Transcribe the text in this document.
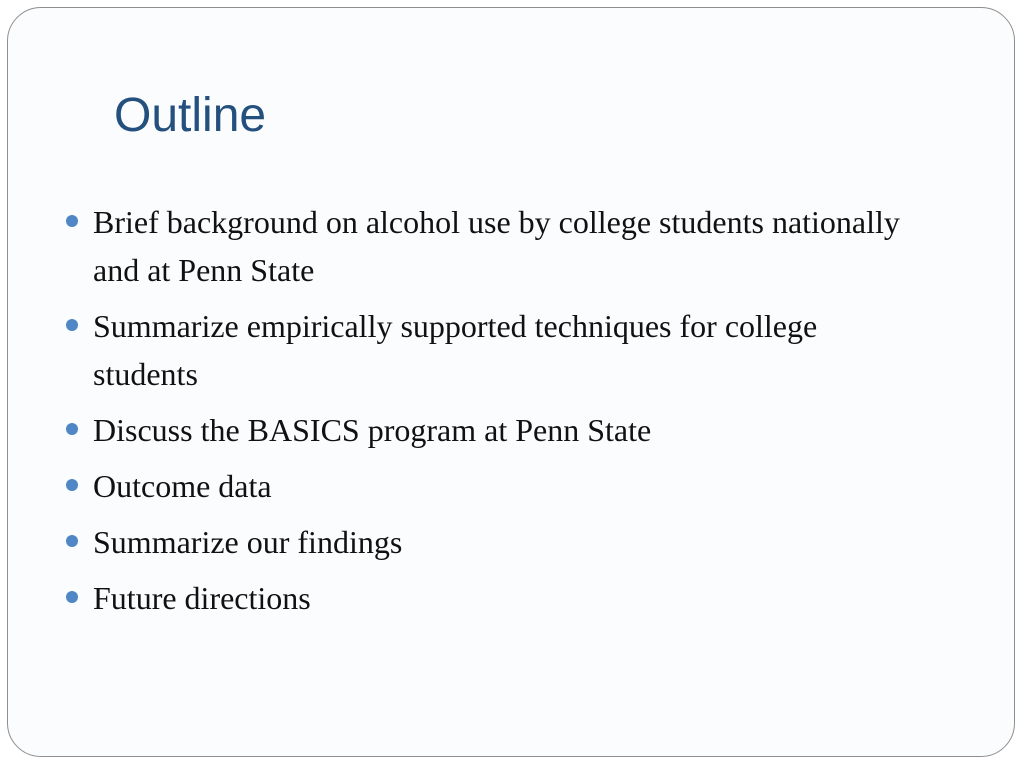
Outline
Brief background on alcohol use by college students nationally and at Penn State
Summarize empirically supported techniques for college students
Discuss the BASICS program at Penn State
Outcome data
Summarize our findings
Future directions
